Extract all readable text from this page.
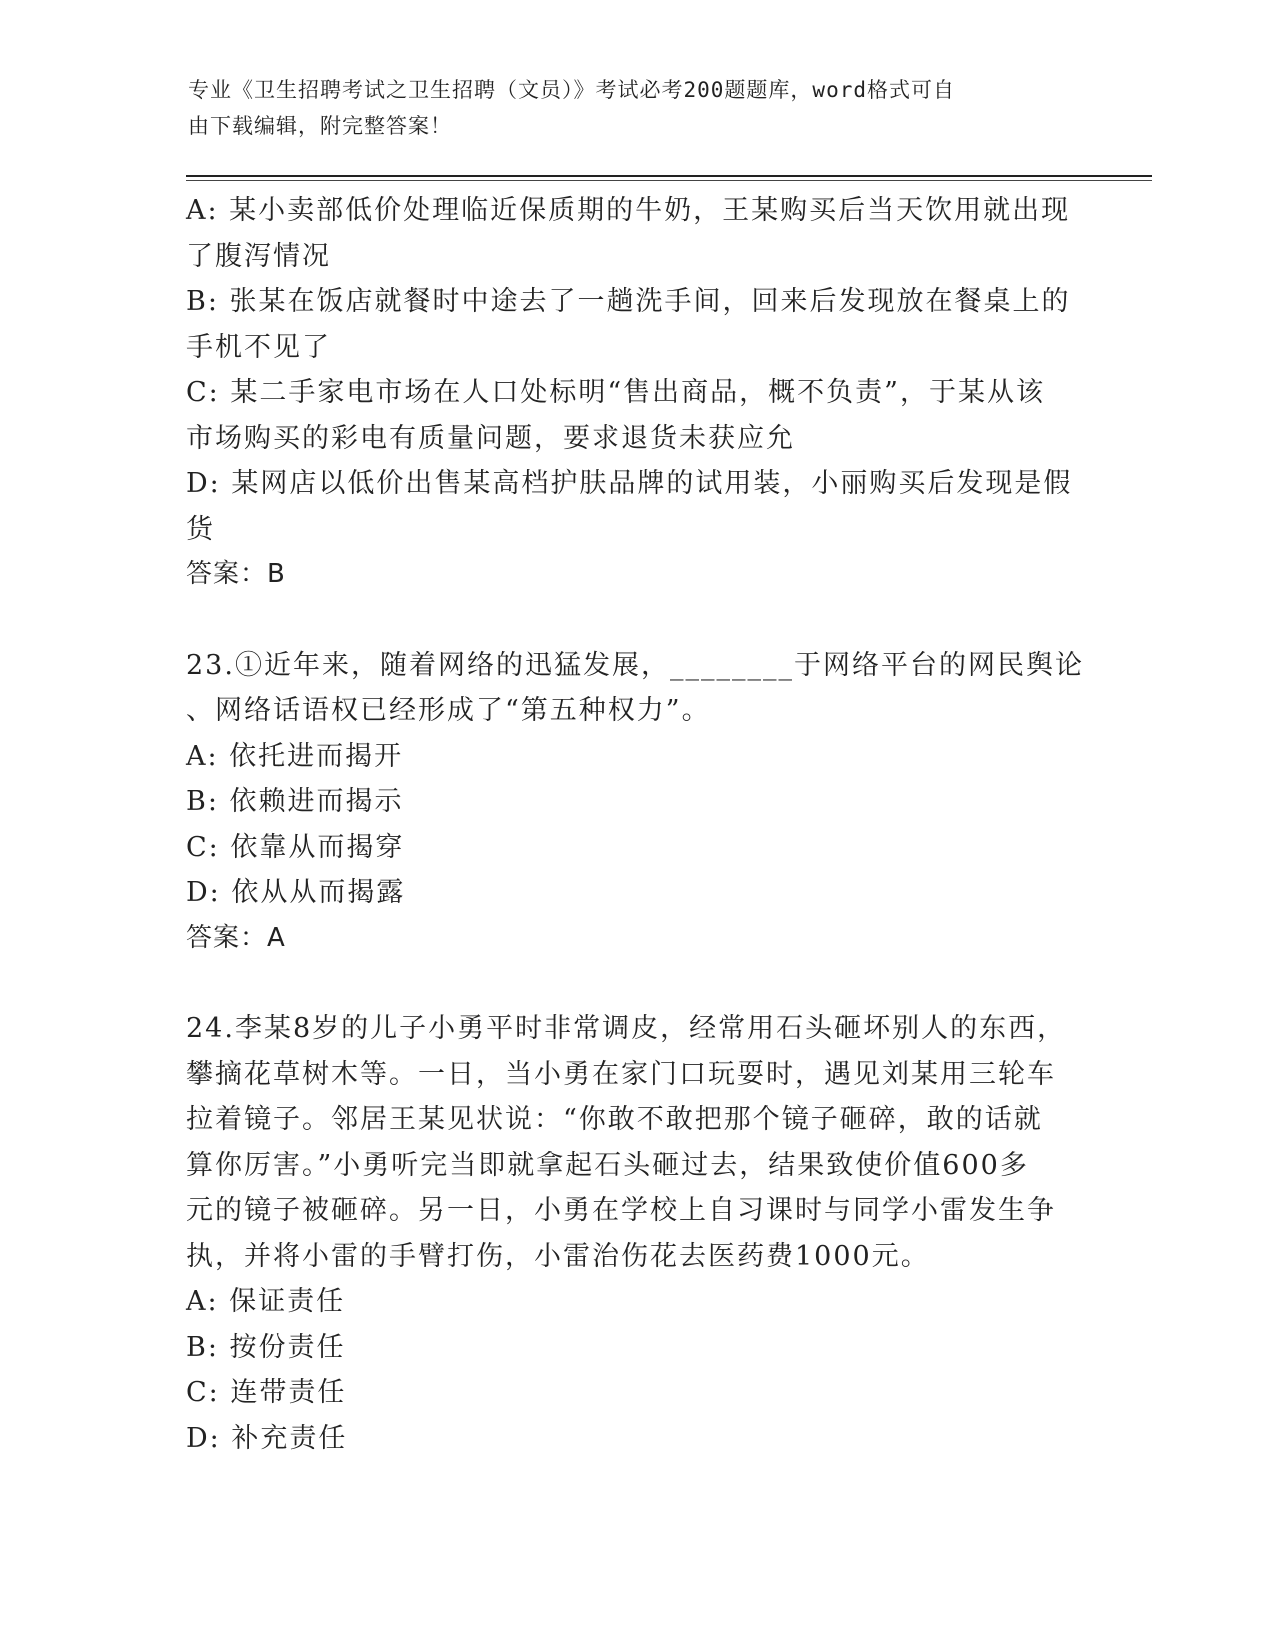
专业《卫生招聘考试之卫生招聘（文员）》考试必考200题题库，word格式可自
由下载编辑，附完整答案！
A: 某小卖部低价处理临近保质期的牛奶，王某购买后当天饮用就出现
了腹泻情况
B: 张某在饭店就餐时中途去了一趟洗手间，回来后发现放在餐桌上的
手机不见了
C: 某二手家电市场在人口处标明“售出商品，概不负责”，于某从该
市场购买的彩电有质量问题，要求退货未获应允
D: 某网店以低价出售某高档护肤品牌的试用装，小丽购买后发现是假
货
答案：B
23.①近年来，随着网络的迅猛发展，________于网络平台的网民舆论
、网络话语权已经形成了“第五种权力”。
A: 依托进而揭开
B: 依赖进而揭示
C: 依靠从而揭穿
D: 依从从而揭露
答案：A
24.李某8岁的儿子小勇平时非常调皮，经常用石头砸坏别人的东西，
攀摘花草树木等。一日，当小勇在家门口玩耍时，遇见刘某用三轮车
拉着镜子。邻居王某见状说：“你敢不敢把那个镜子砸碎，敢的话就
算你厉害。”小勇听完当即就拿起石头砸过去，结果致使价值600多
元的镜子被砸碎。另一日，小勇在学校上自习课时与同学小雷发生争
执，并将小雷的手臂打伤，小雷治伤花去医药费1000元。
A: 保证责任
B: 按份责任
C: 连带责任
D: 补充责任
